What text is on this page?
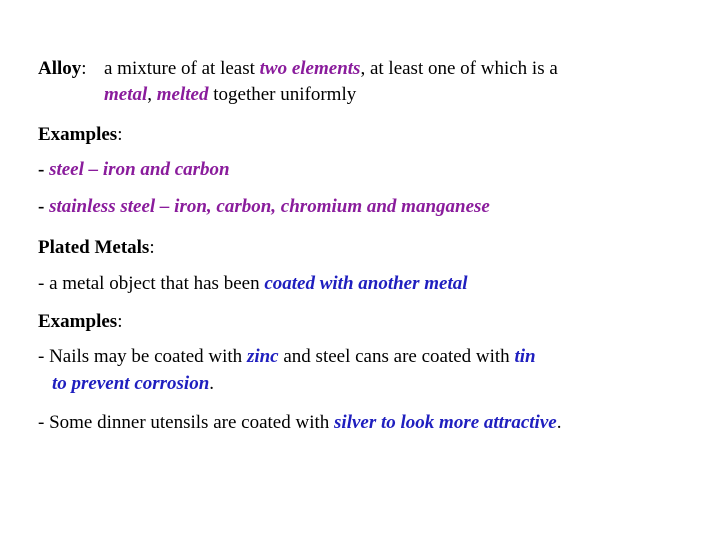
Alloy: a mixture of at least two elements, at least one of which is a
metal, melted together uniformly
Examples:
- steel – iron and carbon
- stainless steel – iron, carbon, chromium and manganese
Plated Metals:
- a metal object that has been coated with another metal
Examples:
- Nails may be coated with zinc and steel cans are coated with tin
to prevent corrosion.
- Some dinner utensils are coated with silver to look more attractive.
